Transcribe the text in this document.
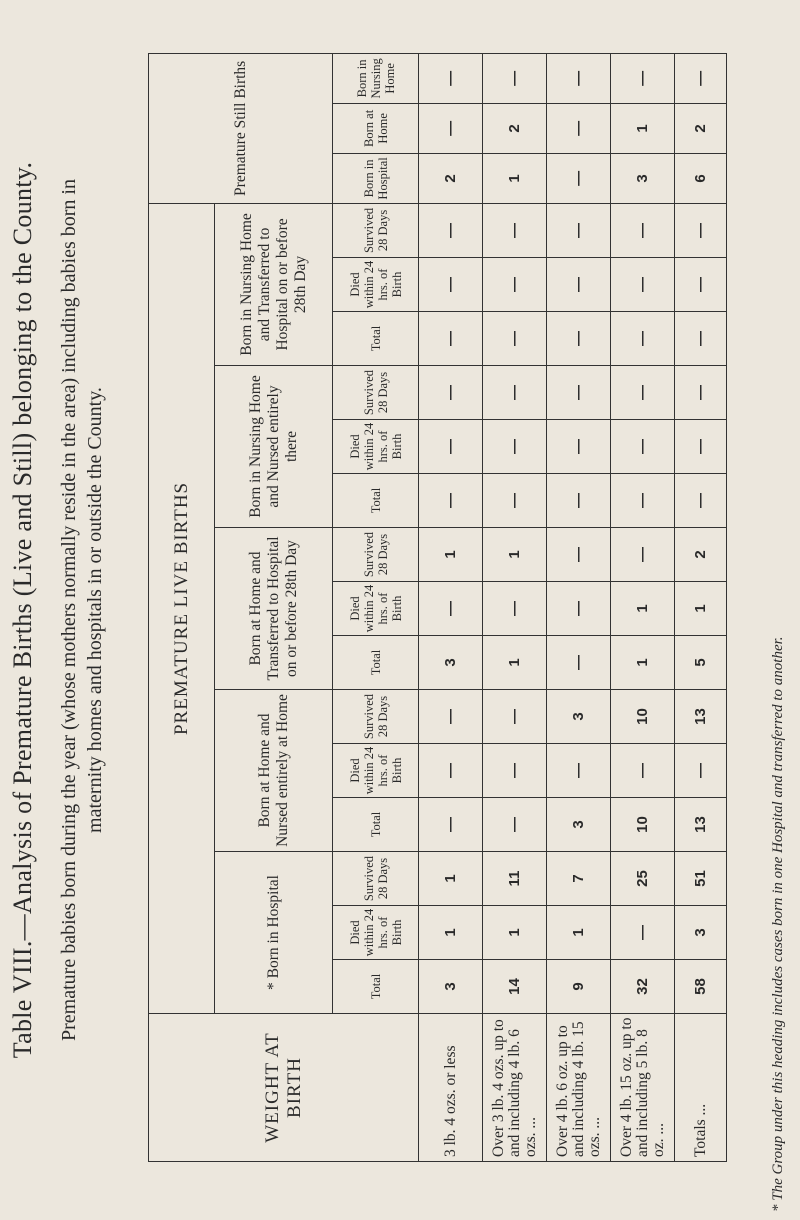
Table VIII.—Analysis of Premature Births (Live and Still) belonging to the County. Premature babies born during the year (whose mothers normally reside in the area) including babies born in maternity homes and hospitals in or outside the County.
WEIGHT AT BIRTH	PREMATURE LIVE BIRTHS															Premature Still Births		
	* Born in Hospital			Born at Home and Nursed entirely at Home			Born at Home and Transferred to Hospital on or before 28th Day			Born in Nursing Home and Nursed entirely there			Born in Nursing Home and Transferred to Hospital on or before 28th Day					
	Total	Died within 24 hrs. of Birth	Survived 28 Days	Total	Died within 24 hrs. of Birth	Survived 28 Days	Total	Died within 24 hrs. of Birth	Survived 28 Days	Total	Died within 24 hrs. of Birth	Survived 28 Days	Total	Died within 24 hrs. of Birth	Survived 28 Days	Born in Hospital	Born at Home	Born in Nursing Home
3 lb. 4 ozs. or less	3	1	1	—	—	—	3	—	1	—	—	—	—	—	—	2	—	—
Over 3 lb. 4 ozs. up to and including 4 lb. 6 ozs. ...	14	1	11	—	—	—	1	—	1	—	—	—	—	—	—	1	2	—
Over 4 lb. 6 oz. up to and including 4 lb. 15 ozs. ...	9	1	7	3	—	3	—	—	—	—	—	—	—	—	—	—	—	—
Over 4 lb. 15 oz. up to and including 5 lb. 8 oz. ...	32	—	25	10	—	10	1	1	—	—	—	—	—	—	—	3	1	—
Totals ...	58	3	51	13	—	13	5	1	2	—	—	—	—	—	—	6	2	—
* The Group under this heading includes cases born in one Hospital and transferred to another.
